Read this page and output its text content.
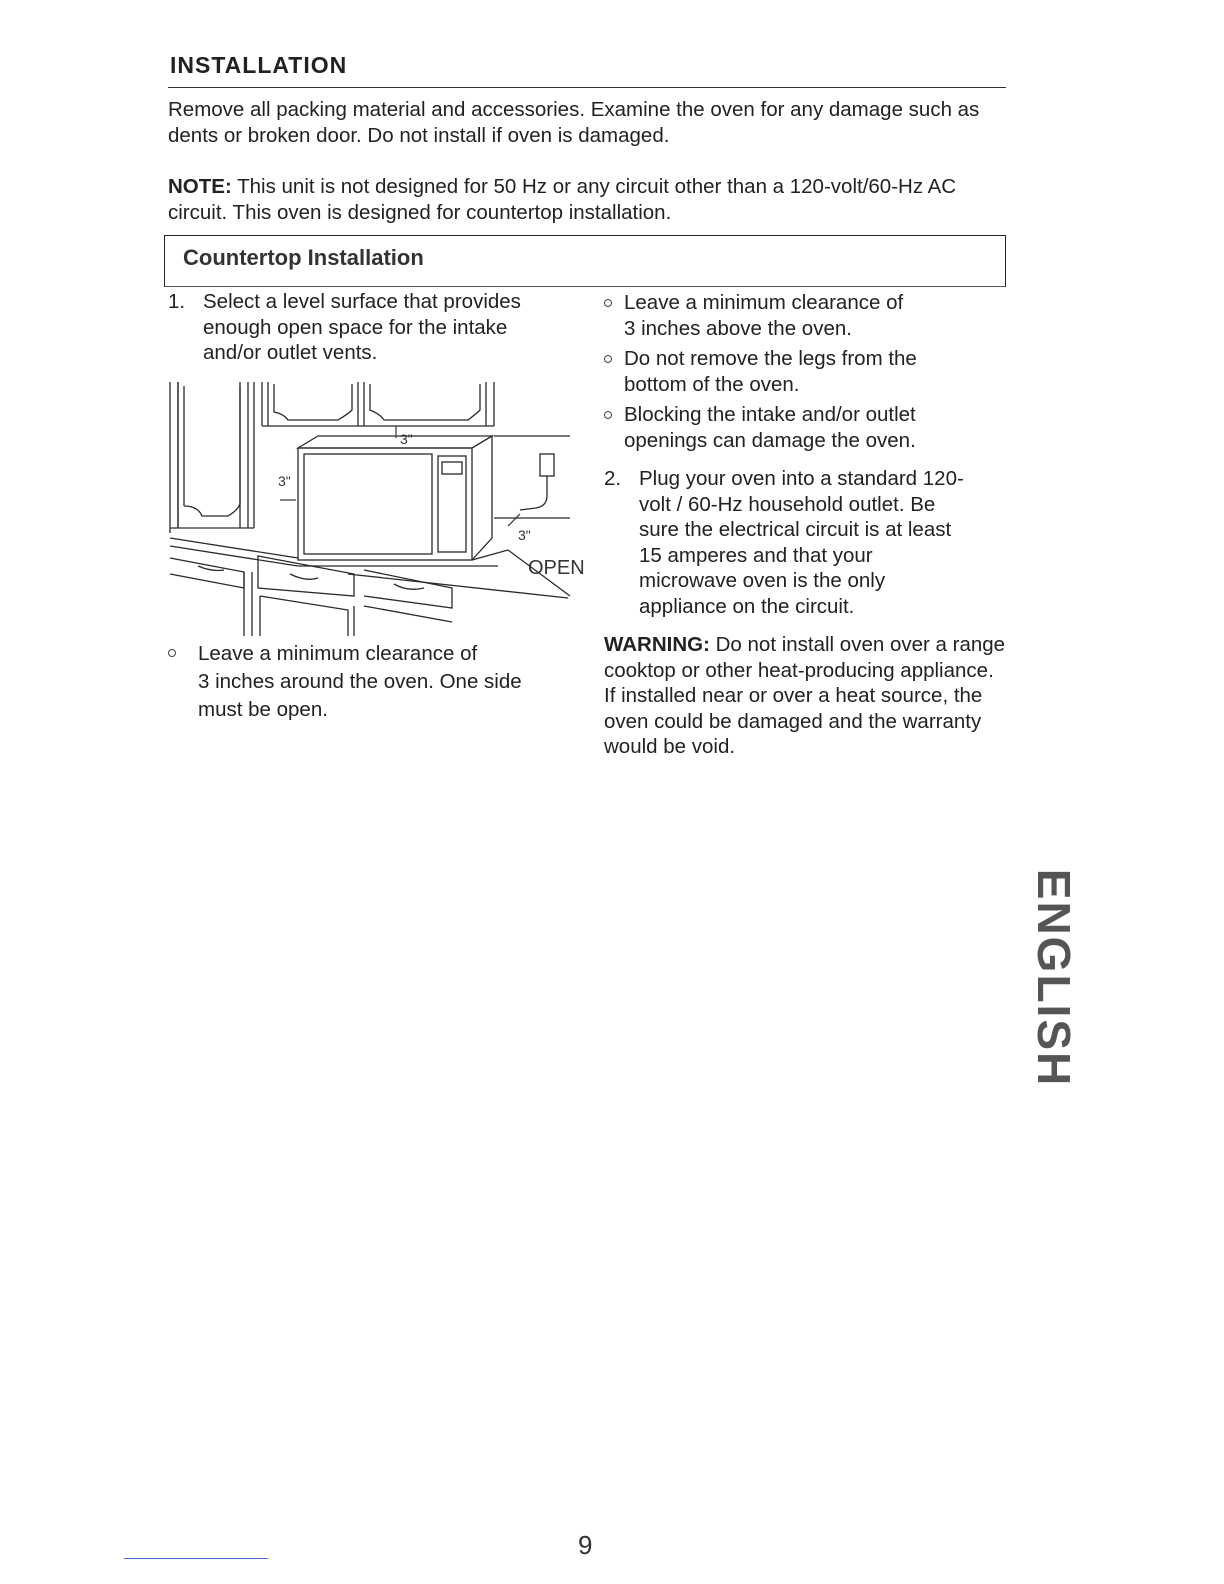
INSTALLATION
Remove all packing material and accessories. Examine the oven for any damage such as dents or broken door. Do not install if oven is damaged.
NOTE: This unit is not designed for 50 Hz or any circuit other than a 120-volt/60-Hz AC circuit. This oven is designed for countertop installation.
Countertop Installation
1. Select a level surface that provides
enough open space for the intake
and/or outlet vents.
3"
3"
3"
OPEN
Leave a minimum clearance of
3 inches around the oven. One side
must be open.
Leave a minimum clearance of
3 inches above the oven.
Do not remove the legs from the
bottom of the oven.
Blocking the intake and/or outlet
openings can damage the oven.
2. Plug your oven into a standard 120-
volt / 60-Hz household outlet. Be
sure the electrical circuit is at least
15 amperes and that your
microwave oven is the only
appliance on the circuit.
WARNING: Do not install oven over a range cooktop or other heat-producing appliance. If installed near or over a heat source, the oven could be damaged and the warranty would be void.
ENGLISH
9
